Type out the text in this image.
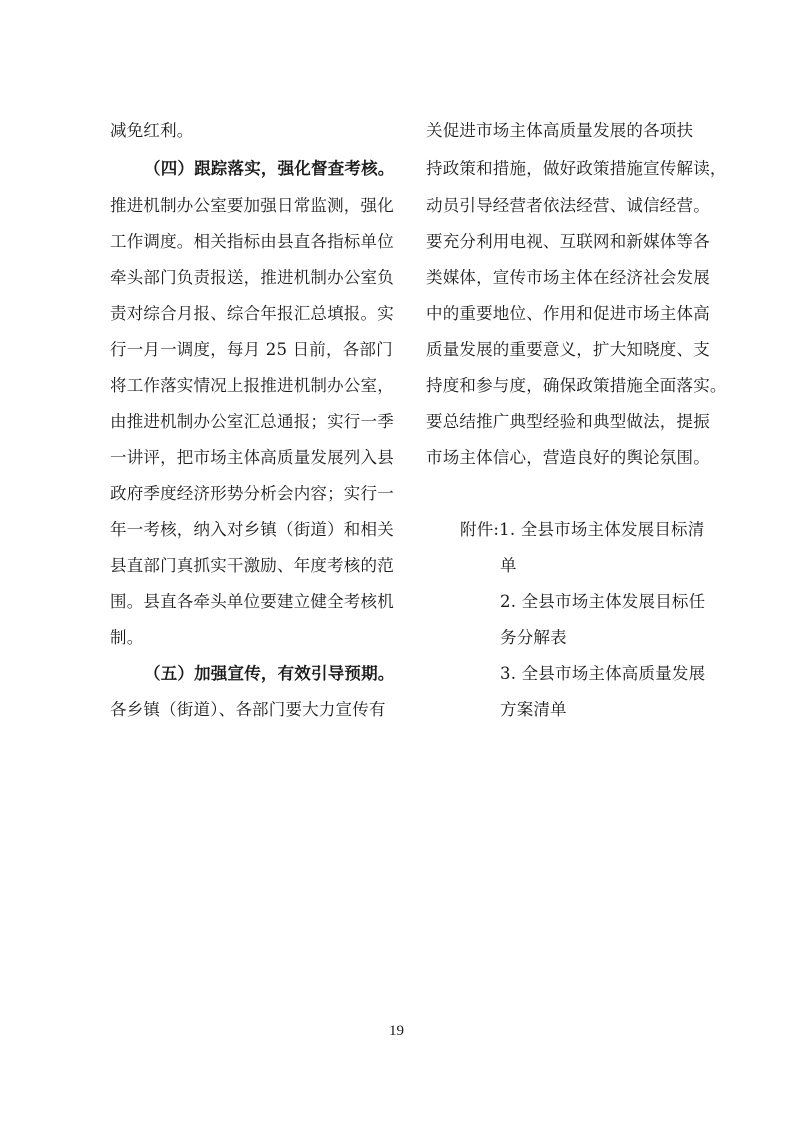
减免红利。
（四）跟踪落实，强化督查考核。
推进机制办公室要加强日常监测，强化
工作调度。相关指标由县直各指标单位
牵头部门负责报送，推进机制办公室负
责对综合月报、综合年报汇总填报。实
行一月一调度，每月 25 日前，各部门
将工作落实情况上报推进机制办公室，
由推进机制办公室汇总通报；实行一季
一讲评，把市场主体高质量发展列入县
政府季度经济形势分析会内容；实行一
年一考核，纳入对乡镇（街道）和相关
县直部门真抓实干激励、年度考核的范
围。县直各牵头单位要建立健全考核机
制。
（五）加强宣传，有效引导预期。
各乡镇（街道）、各部门要大力宣传有
关促进市场主体高质量发展的各项扶
持政策和措施，做好政策措施宣传解读，
动员引导经营者依法经营、诚信经营。
要充分利用电视、互联网和新媒体等各
类媒体，宣传市场主体在经济社会发展
中的重要地位、作用和促进市场主体高
质量发展的重要意义，扩大知晓度、支
持度和参与度，确保政策措施全面落实。
要总结推广典型经验和典型做法，提振
市场主体信心，营造良好的舆论氛围。
附件:1. 全县市场主体发展目标清
单
2. 全县市场主体发展目标任
务分解表
3. 全县市场主体高质量发展
方案清单
19
